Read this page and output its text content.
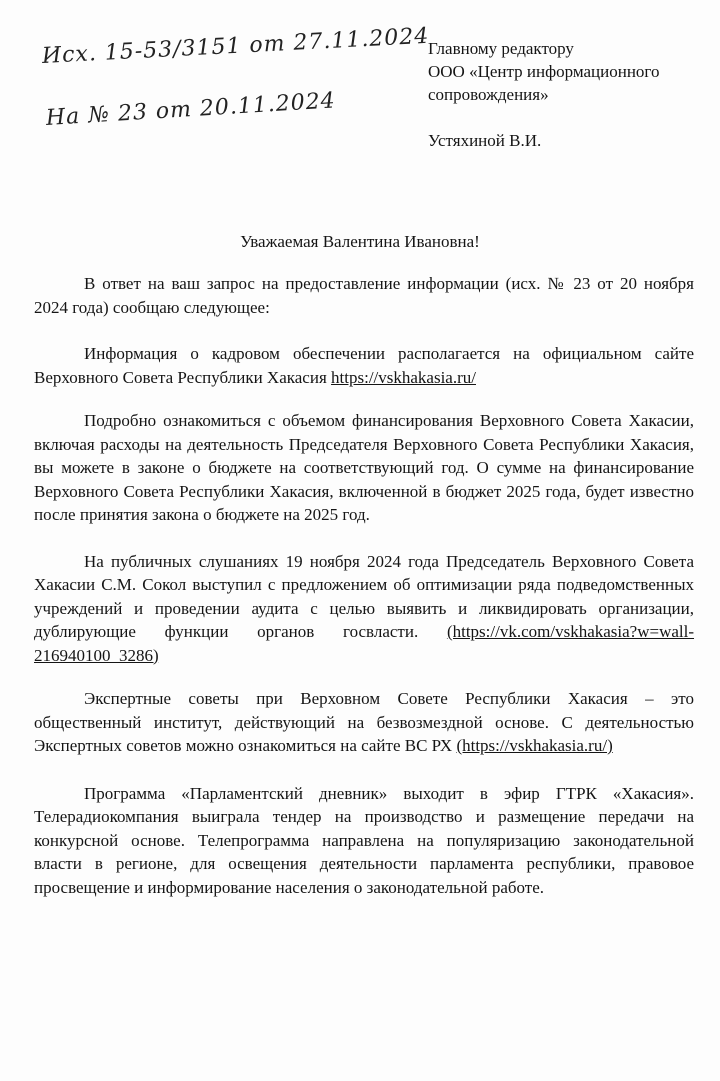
Исх. 15-53/3151 от 27.11.2024
На № 23 от 20.11.2024
Главному редактору
ООО «Центр информационного
сопровождения»
Устяхиной В.И.
Уважаемая Валентина Ивановна!

В ответ на ваш запрос на предоставление информации (исх. № 23 от 20 ноября 2024 года) сообщаю следующее:

Информация о кадровом обеспечении располагается на официальном сайте Верховного Совета Республики Хакасия https://vskhakasia.ru/

Подробно ознакомиться с объемом финансирования Верховного Совета Хакасии, включая расходы на деятельность Председателя Верховного Совета Республики Хакасия, вы можете в законе о бюджете на соответствующий год. О сумме на финансирование Верховного Совета Республики Хакасия, включенной в бюджет 2025 года, будет известно после принятия закона о бюджете на 2025 год.

На публичных слушаниях 19 ноября 2024 года Председатель Верховного Совета Хакасии С.М. Сокол выступил с предложением об оптимизации ряда подведомственных учреждений и проведении аудита с целью выявить и ликвидировать организации, дублирующие функции органов госвласти. (https://vk.com/vskhakasia?w=wall-216940100_3286)

Экспертные советы при Верховном Совете Республики Хакасия – это общественный институт, действующий на безвозмездной основе. С деятельностью Экспертных советов можно ознакомиться на сайте ВС РХ (https://vskhakasia.ru/)

Программа «Парламентский дневник» выходит в эфир ГТРК «Хакасия». Телерадиокомпания выиграла тендер на производство и размещение передачи на конкурсной основе. Телепрограмма направлена на популяризацию законодательной власти в регионе, для освещения деятельности парламента республики, правовое просвещение и информирование населения о законодательной работе.
